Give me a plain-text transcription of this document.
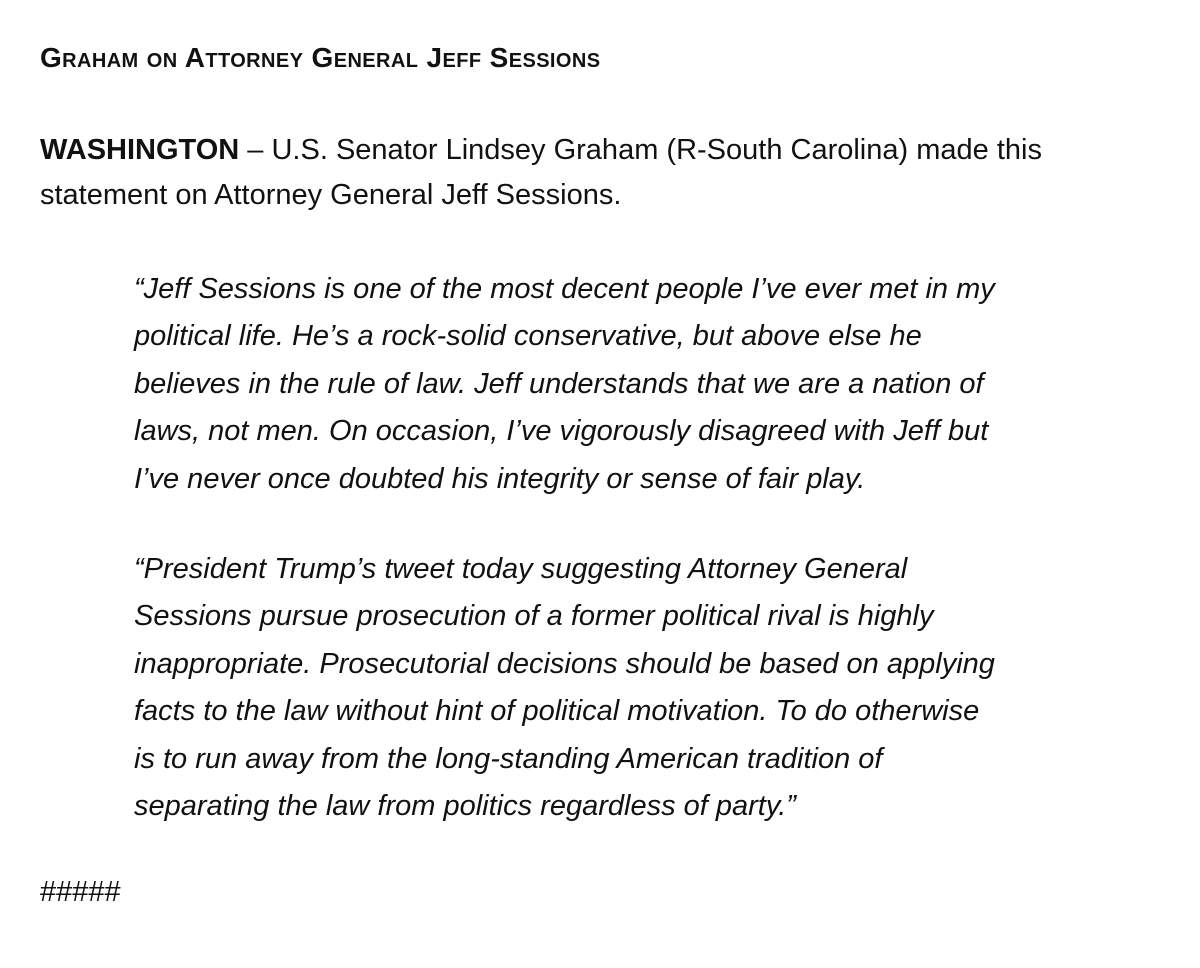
Graham on Attorney General Jeff Sessions

WASHINGTON – U.S. Senator Lindsey Graham (R-South Carolina) made this statement on Attorney General Jeff Sessions.

“Jeff Sessions is one of the most decent people I’ve ever met in my
political life. He’s a rock-solid conservative, but above else he
believes in the rule of law. Jeff understands that we are a nation of
laws, not men. On occasion, I’ve vigorously disagreed with Jeff but
I’ve never once doubted his integrity or sense of fair play.

“President Trump’s tweet today suggesting Attorney General
Sessions pursue prosecution of a former political rival is highly
inappropriate. Prosecutorial decisions should be based on applying
facts to the law without hint of political motivation. To do otherwise
is to run away from the long-standing American tradition of
separating the law from politics regardless of party.”

#####
